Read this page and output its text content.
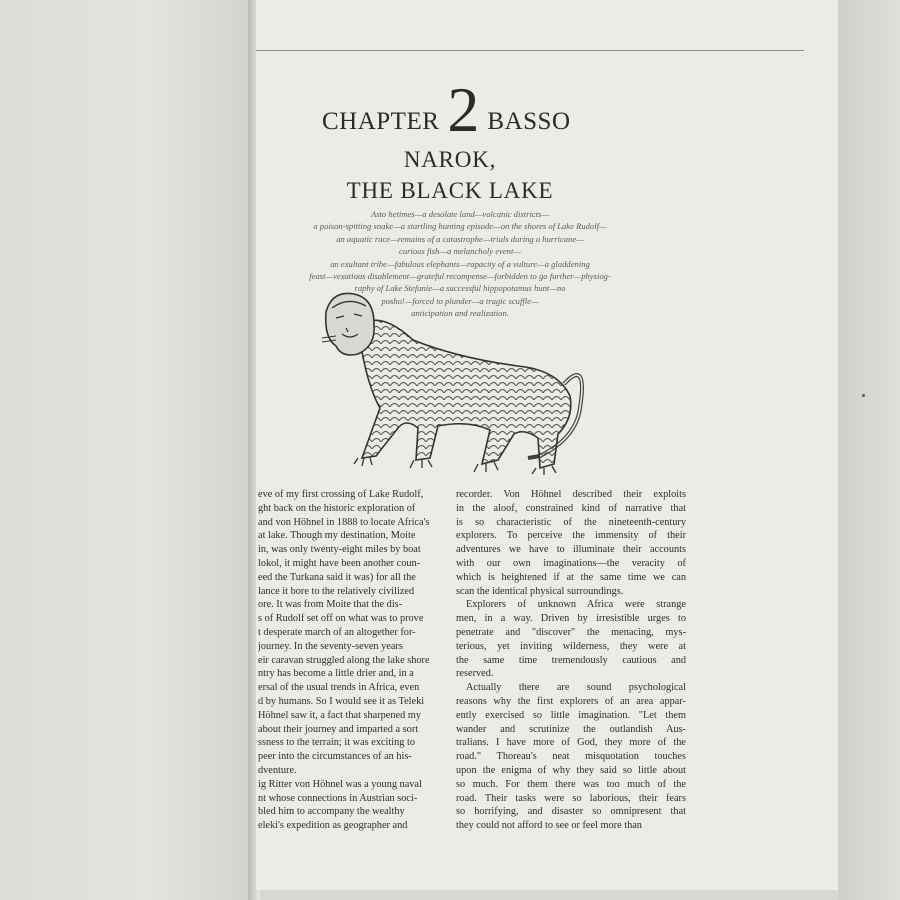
CHAPTER 2 BASSO
NAROK,
THE BLACK LAKE
Asto hetimes—a desolate land—volcanic districts—
a poison-spitting snake—a startling hunting episode—on the shores of Lake Rudolf—
an aquatic race—remains of a catastrophe—trials during a hurricane—
curious fish—a melancholy event—
an exultant tribe—fabulous elephants—rapacity of a vulture—a gladdening
feast—vexatious disablement—grateful recompense—forbidden to go further—physiog-
raphy of Lake Stefanie—a successful hippopotamus hunt—no
posho!—forced to plunder—a tragic scuffle—
anticipation and realization.
eve of my first crossing of Lake Rudolf,
ght back on the historic exploration of
and von Höhnel in 1888 to locate Africa's
at lake. Though my destination, Moite
in, was only twenty-eight miles by boat
lokol, it might have been another coun-
eed the Turkana said it was) for all the
lance it bore to the relatively civilized
ore. It was from Moite that the dis-
s of Rudolf set off on what was to prove
t desperate march of an altogether for-
journey. In the seventy-seven years
eir caravan struggled along the lake shore
ntry has become a little drier and, in a
ersal of the usual trends in Africa, even
d by humans. So I would see it as Teleki
Höhnel saw it, a fact that sharpened my
about their journey and imparted a sort
ssness to the terrain; it was exciting to
peer into the circumstances of an his-
dventure.
ig Ritter von Höhnel was a young naval
nt whose connections in Austrian soci-
bled him to accompany the wealthy
eleki's expedition as geographer and
recorder. Von Höhnel described their exploits
in the aloof, constrained kind of narrative that
is so characteristic of the nineteenth-century
explorers. To perceive the immensity of their
adventures we have to illuminate their accounts
with our own imaginations—the veracity of
which is heightened if at the same time we can
scan the identical physical surroundings.
Explorers of unknown Africa were strange
men, in a way. Driven by irresistible urges to
penetrate and "discover" the menacing, mys-
terious, yet inviting wilderness, they were at
the same time tremendously cautious and
reserved.
Actually there are sound psychological
reasons why the first explorers of an area appar-
ently exercised so little imagination. "Let them
wander and scrutinize the outlandish Aus-
tralians. I have more of God, they more of the
road." Thoreau's neat misquotation touches
upon the enigma of why they said so little about
so much. For them there was too much of the
road. Their tasks were so laborious, their fears
so horrifying, and disaster so omnipresent that
they could not afford to see or feel more than
